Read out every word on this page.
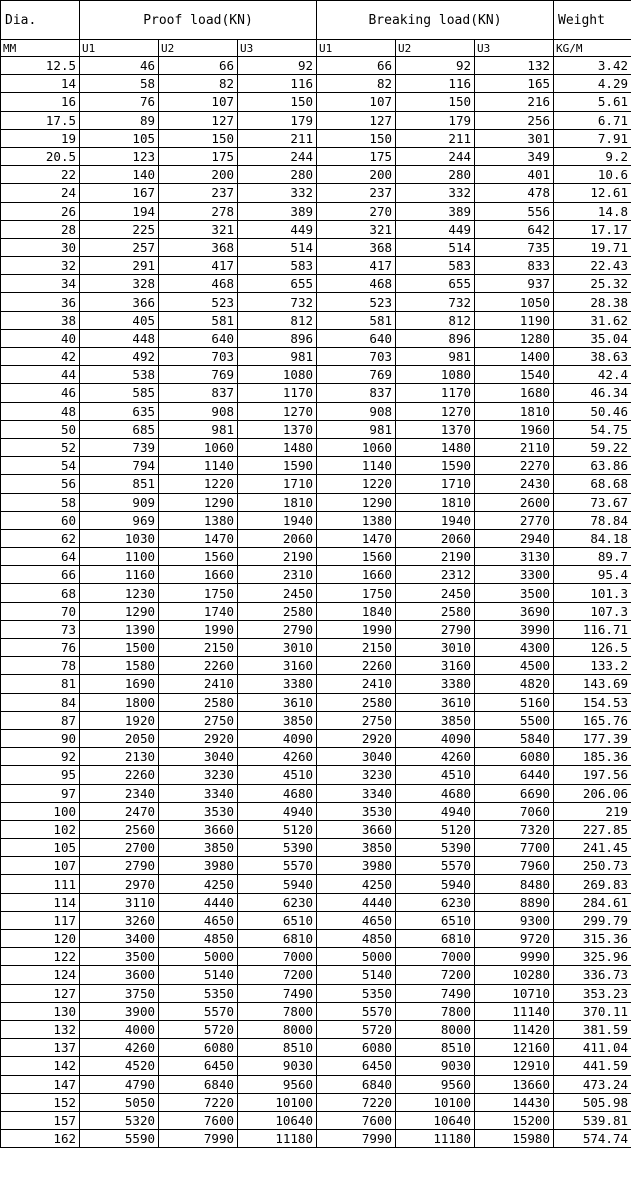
Dia.	Proof load(KN)			Breaking load(KN)			Weight
MM	U1	U2	U3	U1	U2	U3	KG/M
12.5	46	66	92	66	92	132	3.42
14	58	82	116	82	116	165	4.29
16	76	107	150	107	150	216	5.61
17.5	89	127	179	127	179	256	6.71
19	105	150	211	150	211	301	7.91
20.5	123	175	244	175	244	349	9.2
22	140	200	280	200	280	401	10.6
24	167	237	332	237	332	478	12.61
26	194	278	389	270	389	556	14.8
28	225	321	449	321	449	642	17.17
30	257	368	514	368	514	735	19.71
32	291	417	583	417	583	833	22.43
34	328	468	655	468	655	937	25.32
36	366	523	732	523	732	1050	28.38
38	405	581	812	581	812	1190	31.62
40	448	640	896	640	896	1280	35.04
42	492	703	981	703	981	1400	38.63
44	538	769	1080	769	1080	1540	42.4
46	585	837	1170	837	1170	1680	46.34
48	635	908	1270	908	1270	1810	50.46
50	685	981	1370	981	1370	1960	54.75
52	739	1060	1480	1060	1480	2110	59.22
54	794	1140	1590	1140	1590	2270	63.86
56	851	1220	1710	1220	1710	2430	68.68
58	909	1290	1810	1290	1810	2600	73.67
60	969	1380	1940	1380	1940	2770	78.84
62	1030	1470	2060	1470	2060	2940	84.18
64	1100	1560	2190	1560	2190	3130	89.7
66	1160	1660	2310	1660	2312	3300	95.4
68	1230	1750	2450	1750	2450	3500	101.3
70	1290	1740	2580	1840	2580	3690	107.3
73	1390	1990	2790	1990	2790	3990	116.71
76	1500	2150	3010	2150	3010	4300	126.5
78	1580	2260	3160	2260	3160	4500	133.2
81	1690	2410	3380	2410	3380	4820	143.69
84	1800	2580	3610	2580	3610	5160	154.53
87	1920	2750	3850	2750	3850	5500	165.76
90	2050	2920	4090	2920	4090	5840	177.39
92	2130	3040	4260	3040	4260	6080	185.36
95	2260	3230	4510	3230	4510	6440	197.56
97	2340	3340	4680	3340	4680	6690	206.06
100	2470	3530	4940	3530	4940	7060	219
102	2560	3660	5120	3660	5120	7320	227.85
105	2700	3850	5390	3850	5390	7700	241.45
107	2790	3980	5570	3980	5570	7960	250.73
111	2970	4250	5940	4250	5940	8480	269.83
114	3110	4440	6230	4440	6230	8890	284.61
117	3260	4650	6510	4650	6510	9300	299.79
120	3400	4850	6810	4850	6810	9720	315.36
122	3500	5000	7000	5000	7000	9990	325.96
124	3600	5140	7200	5140	7200	10280	336.73
127	3750	5350	7490	5350	7490	10710	353.23
130	3900	5570	7800	5570	7800	11140	370.11
132	4000	5720	8000	5720	8000	11420	381.59
137	4260	6080	8510	6080	8510	12160	411.04
142	4520	6450	9030	6450	9030	12910	441.59
147	4790	6840	9560	6840	9560	13660	473.24
152	5050	7220	10100	7220	10100	14430	505.98
157	5320	7600	10640	7600	10640	15200	539.81
162	5590	7990	11180	7990	11180	15980	574.74
